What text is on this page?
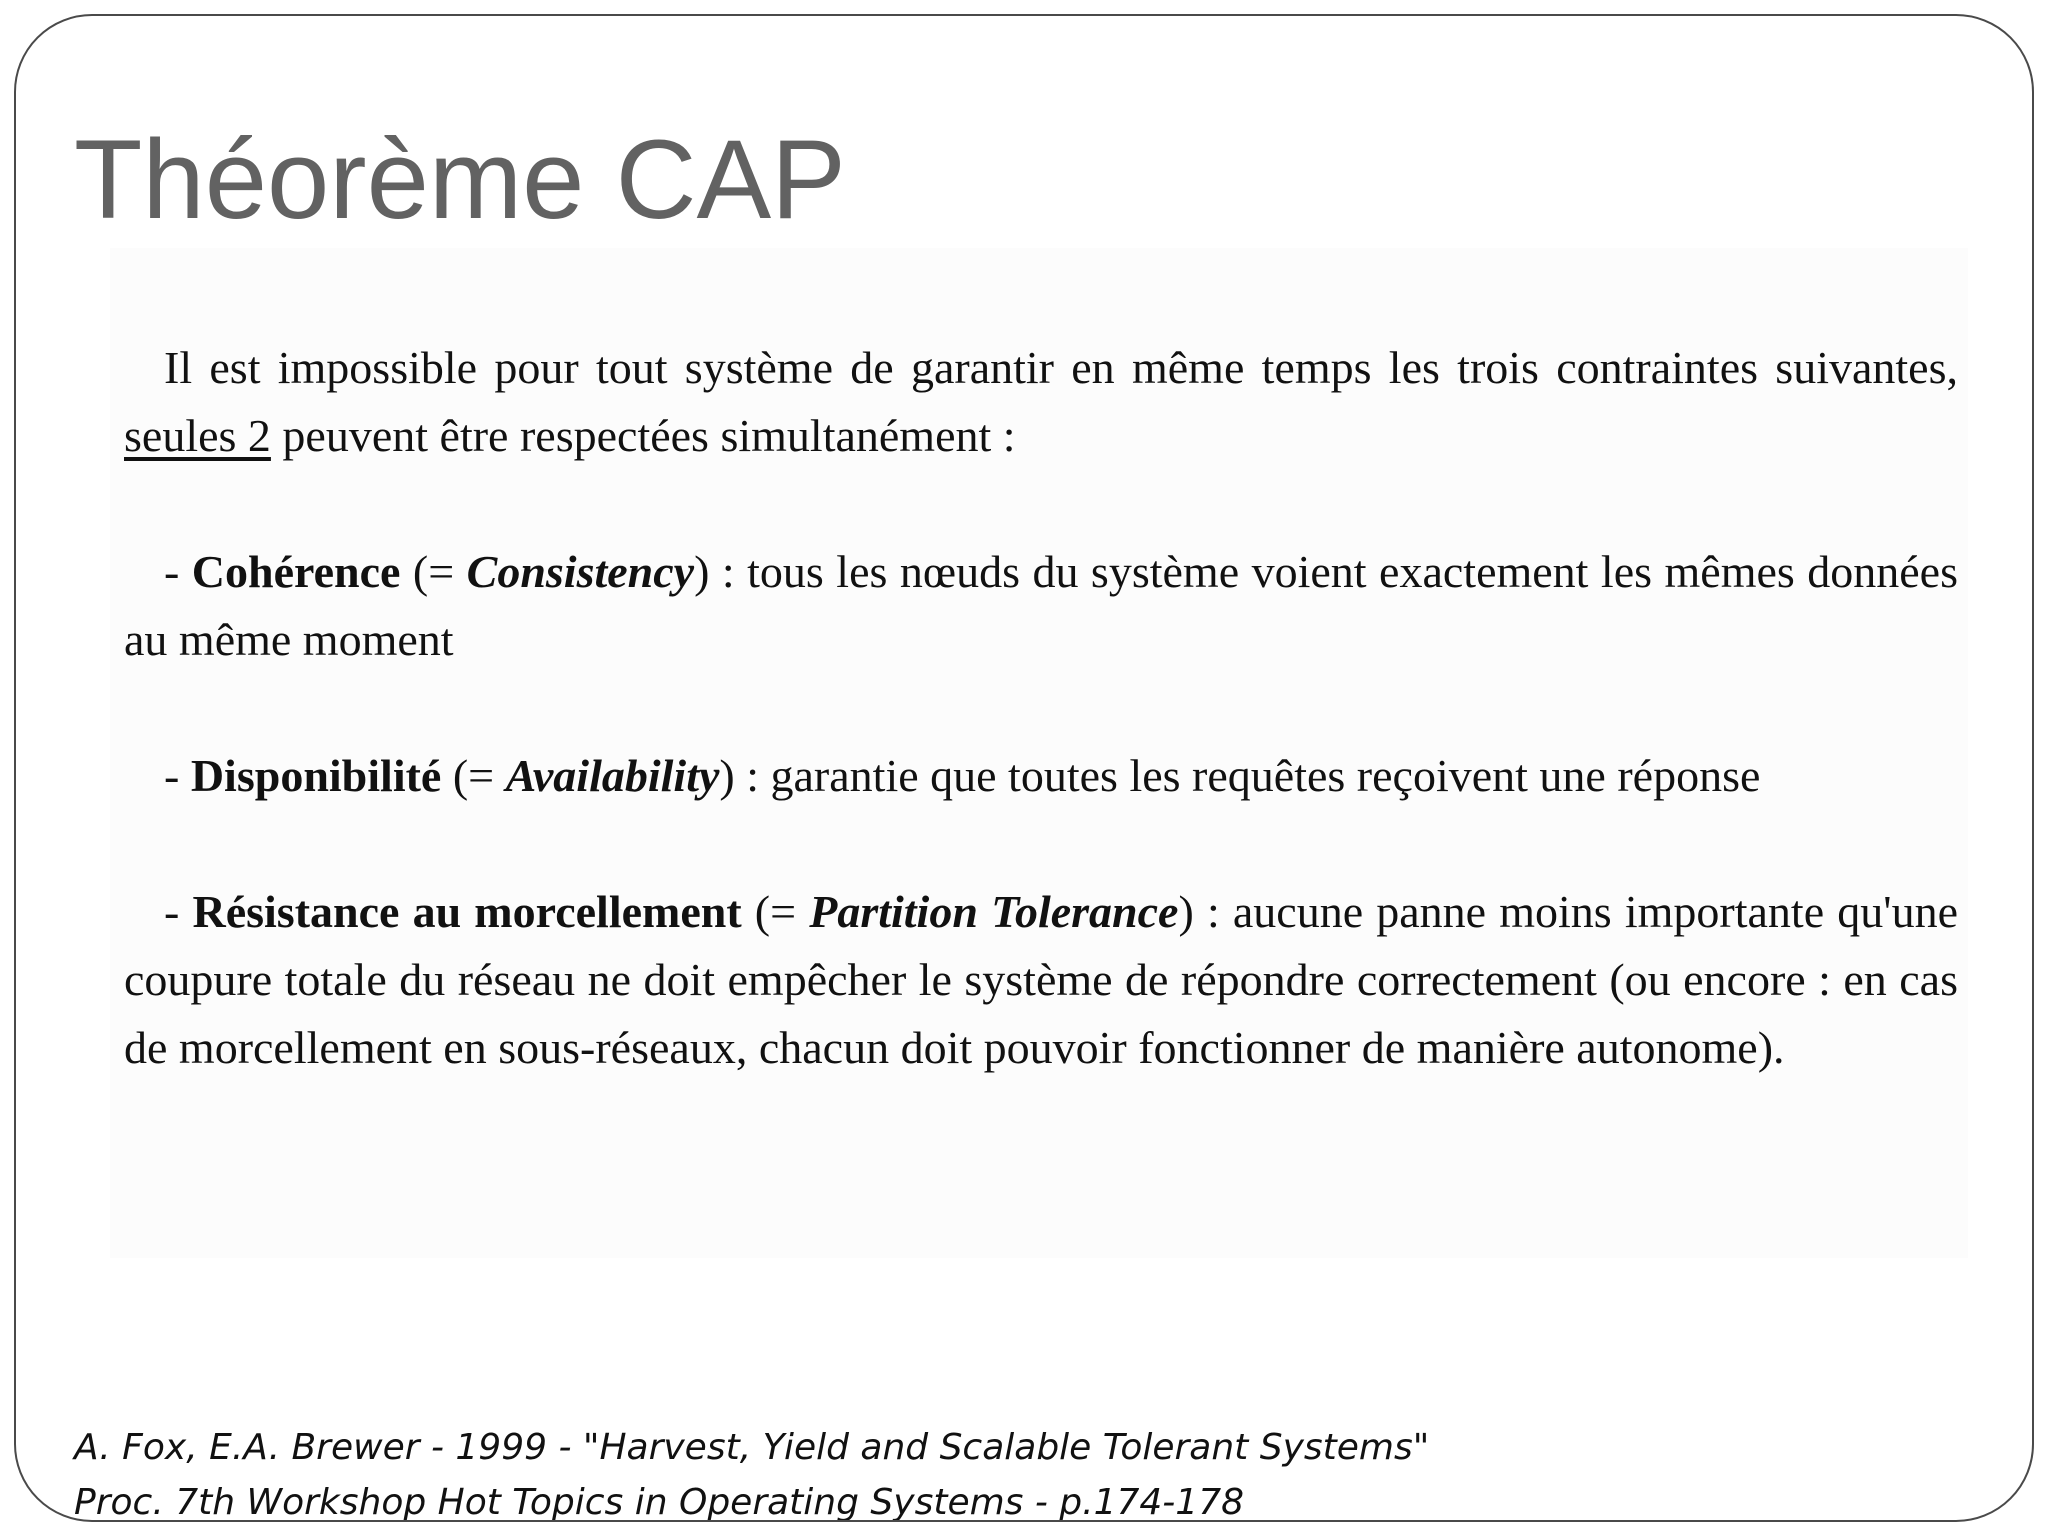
Théorème CAP

Il est impossible pour tout système de garantir en même temps les trois contraintes suivantes, seules 2 peuvent être respectées simultanément :

- Cohérence (= Consistency) : tous les nœuds du système voient exactement les mêmes données au même moment

- Disponibilité (= Availability) : garantie que toutes les requêtes reçoivent une réponse

- Résistance au morcellement (= Partition Tolerance) : aucune panne moins importante qu'une coupure totale du réseau ne doit empêcher le système de répondre correctement (ou encore : en cas de morcellement en sous-réseaux, chacun doit pouvoir fonctionner de manière autonome).

A. Fox, E.A. Brewer - 1999 - "Harvest, Yield and Scalable Tolerant Systems"
Proc. 7th Workshop Hot Topics in Operating Systems - p.174-178
